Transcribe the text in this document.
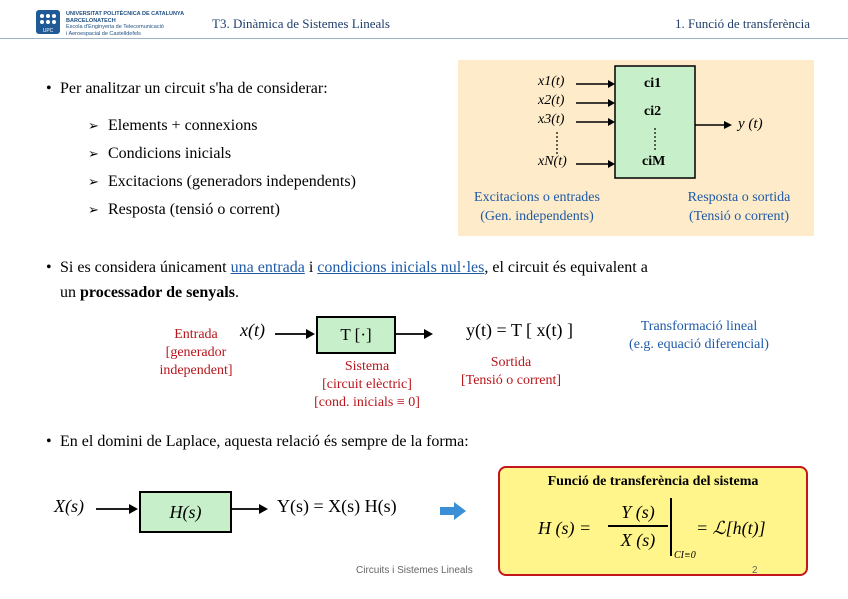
UPC
UNIVERSITAT POLITÈCNICA DE CATALUNYA
BARCELONATECH
Escola d'Enginyeria de Telecomunicació
i Aeroespacial de Castelldefels
T3. Dinàmica de Sistemes Lineals	1. Funció de transferència
• Per analitzar un circuit s'ha de considerar:
➢ Elements + connexions
➢ Condicions inicials
➢ Excitacions (generadors independents)
➢ Resposta (tensió o corrent)
x1(t)
x2(t)
x3(t)
xN(t)
ci1
ci2
ciM
y (t)
Excitacions o entrades
(Gen. independents)
Resposta o sortida
(Tensió o corrent)
• Si es considera únicament una entrada i condicions inicials nul·les, el circuit és equivalent a
un processador de senyals.
Entrada
[generador
independent]
x(t)	T [·]	y(t) = T [ x(t) ]
Sistema
[circuit elèctric]
[cond. inicials ≡ 0]
Sortida
[Tensió o corrent]
Transformació lineal
(e.g. equació diferencial)
• En el domini de Laplace, aquesta relació és sempre de la forma:
X(s)	H(s)	Y(s) = X(s) H(s)
Funció de transferència del sistema
H (s) =
Y (s)
X (s)
CI≡0
= ℒ[h(t)]
Circuits i Sistemes Lineals	2
